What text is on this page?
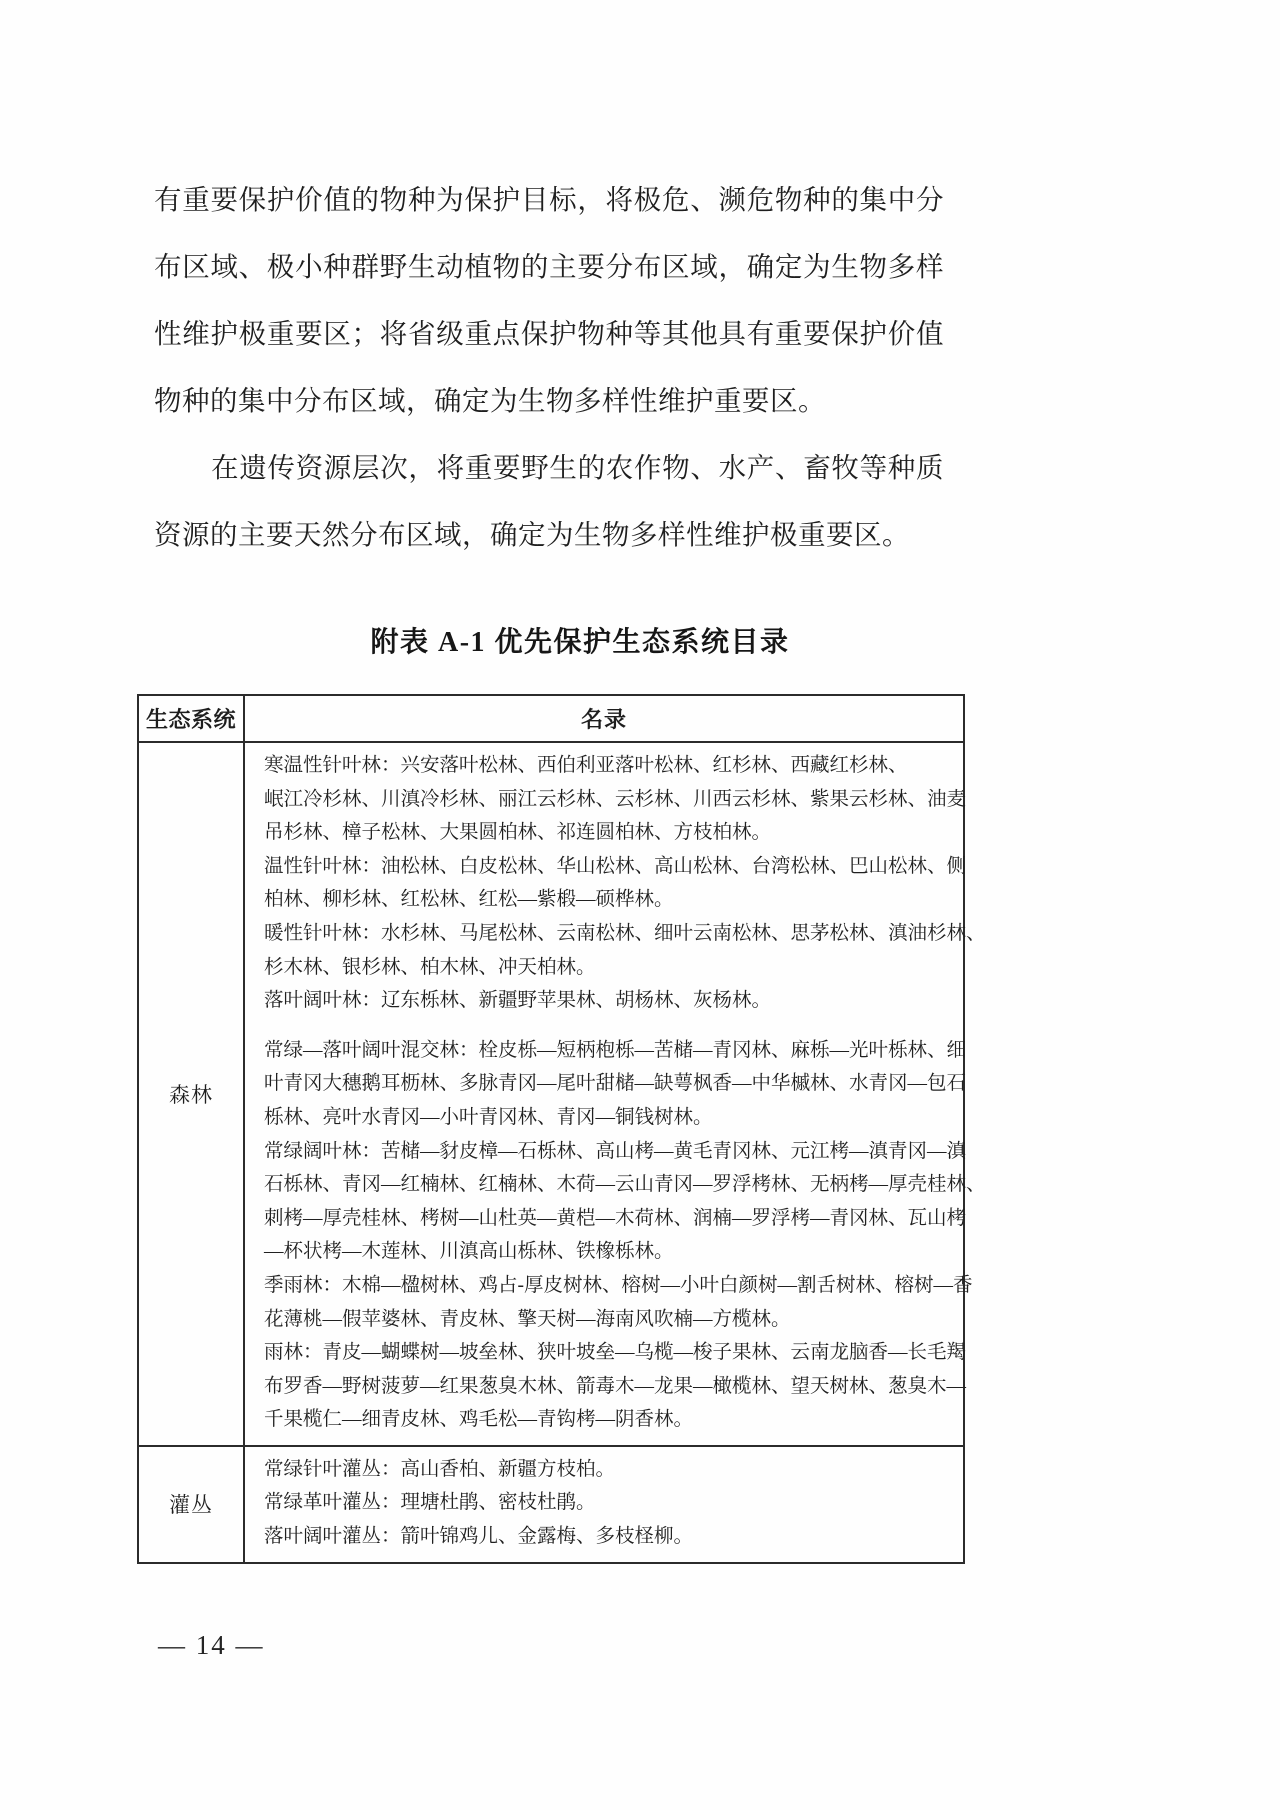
有重要保护价值的物种为保护目标，将极危、濒危物种的集中分
布区域、极小种群野生动植物的主要分布区域，确定为生物多样
性维护极重要区；将省级重点保护物种等其他具有重要保护价值
物种的集中分布区域，确定为生物多样性维护重要区。
在遗传资源层次，将重要野生的农作物、水产、畜牧等种质
资源的主要天然分布区域，确定为生物多样性维护极重要区。
附表 A-1 优先保护生态系统目录
生态系统	名录
森林
寒温性针叶林：兴安落叶松林、西伯利亚落叶松林、红杉林、西藏红杉林、
岷江冷杉林、川滇冷杉林、丽江云杉林、云杉林、川西云杉林、紫果云杉林、油麦
吊杉林、樟子松林、大果圆柏林、祁连圆柏林、方枝柏林。
温性针叶林：油松林、白皮松林、华山松林、高山松林、台湾松林、巴山松林、侧
柏林、柳杉林、红松林、红松—紫椴—硕桦林。
暖性针叶林：水杉林、马尾松林、云南松林、细叶云南松林、思茅松林、滇油杉林、
杉木林、银杉林、柏木林、冲天柏林。
落叶阔叶林：辽东栎林、新疆野苹果林、胡杨林、灰杨林。
常绿—落叶阔叶混交林：栓皮栎—短柄枹栎—苦槠—青冈林、麻栎—光叶栎林、细
叶青冈大穗鹅耳枥林、多脉青冈—尾叶甜槠—缺萼枫香—中华槭林、水青冈—包石
栎林、亮叶水青冈—小叶青冈林、青冈—铜钱树林。
常绿阔叶林：苦槠—豺皮樟—石栎林、高山栲—黄毛青冈林、元江栲—滇青冈—滇
石栎林、青冈—红楠林、红楠林、木荷—云山青冈—罗浮栲林、无柄栲—厚壳桂林、
刺栲—厚壳桂林、栲树—山杜英—黄桤—木荷林、润楠—罗浮栲—青冈林、瓦山栲
—杯状栲—木莲林、川滇高山栎林、铁橡栎林。
季雨林：木棉—楹树林、鸡占-厚皮树林、榕树—小叶白颜树—割舌树林、榕树—香
花薄桃—假苹婆林、青皮林、擎天树—海南风吹楠—方榄林。
雨林：青皮—蝴蝶树—坡垒林、狭叶坡垒—乌榄—梭子果林、云南龙脑香—长毛羯
布罗香—野树菠萝—红果葱臭木林、箭毒木—龙果—橄榄林、望天树林、葱臭木—
千果榄仁—细青皮林、鸡毛松—青钩栲—阴香林。
灌丛
常绿针叶灌丛：高山香柏、新疆方枝柏。
常绿革叶灌丛：理塘杜鹃、密枝杜鹃。
落叶阔叶灌丛：箭叶锦鸡儿、金露梅、多枝柽柳。
— 14 —
